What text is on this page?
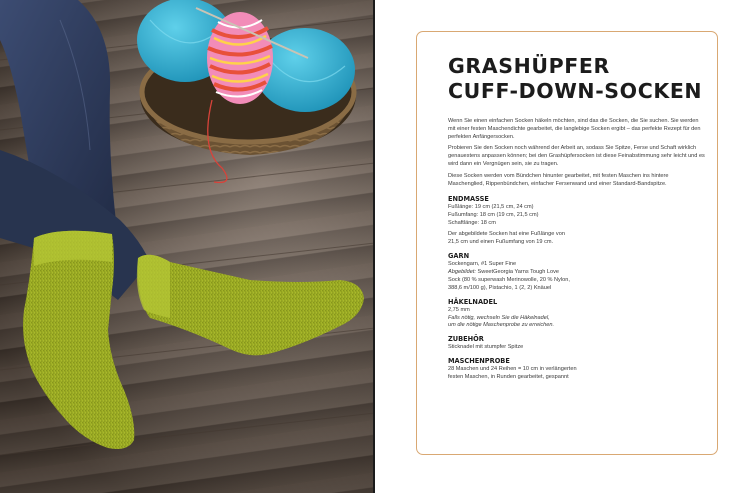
GRASHÜPFER
CUFF-DOWN-SOCKEN

Wenn Sie einen einfachen Socken häkeln möchten, sind das die Socken, die Sie suchen. Sie werden mit einer festen Maschendichte gearbeitet, die langlebige Socken ergibt – das perfekte Rezept für den perfekten Anfängersocken.

Probieren Sie den Socken noch während der Arbeit an, sodass Sie Spitze, Ferse und Schaft wirklich genauestens anpassen können; bei den Grashüpfersocken ist diese Feinabstimmung sehr leicht und es wird dann ein Vergnügen sein, sie zu tragen.

Diese Socken werden vom Bündchen hinunter gearbeitet, mit festen Maschen ins hintere Maschenglied, Rippenbündchen, einfacher Fersenwand und einer Standard-Bandspitze.

ENDMASSE
Fußlänge: 19 cm (21,5 cm, 24 cm)
Fußumfang: 18 cm (19 cm, 21,5 cm)
Schaftlänge: 18 cm
Der abgebildete Socken hat eine Fußlänge von
21,5 cm und einen Fußumfang von 19 cm.
GARN
Sockengarn, #1 Super Fine
Abgebildet: SweetGeorgia Yarns Tough Love
Sock (80 % superwash Merinowolle, 20 % Nylon,
388,6 m/100 g), Pistachio, 1 (2, 2) Knäuel
HÄKELNADEL
2,75 mm
Falls nötig, wechseln Sie die Häkelnadel,
um die nötige Maschenprobe zu erreichen.
ZUBEHÖR
Sticknadel mit stumpfer Spitze
MASCHENPROBE
28 Maschen und 24 Reihen = 10 cm in verlängerten
festen Maschen, in Runden gearbeitet, gespannt
